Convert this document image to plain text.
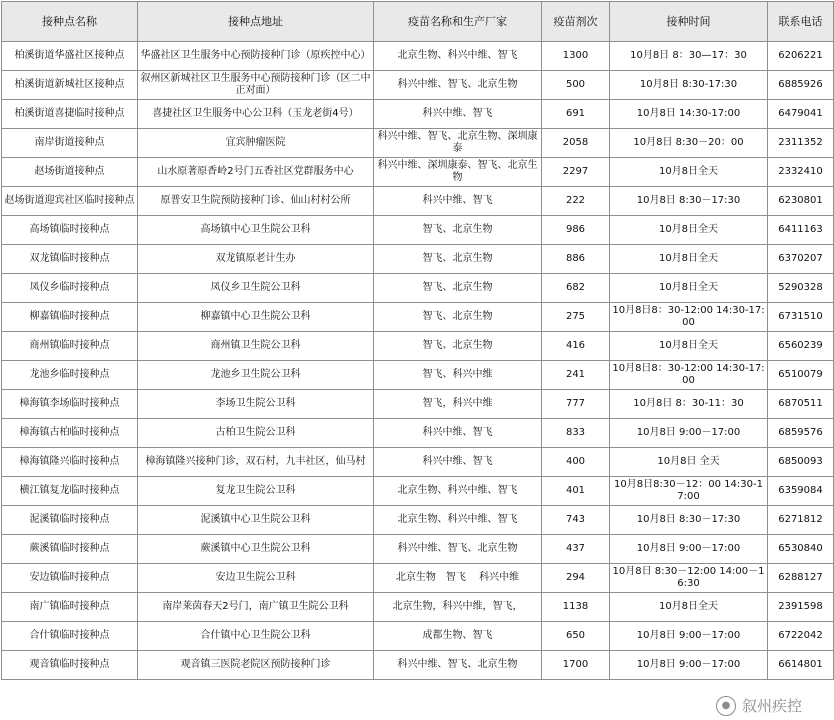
接种点名称	接种点地址	疫苗名称和生产厂家	疫苗剂次	接种时间	联系电话
柏溪街道华盛社区接种点	华盛社区卫生服务中心预防接种门诊（原疾控中心）	北京生物、科兴中维、智飞	1300	10月8日 8：30—17：30	6206221
柏溪街道新城社区接种点	叙州区新城社区卫生服务中心预防接种门诊（区二中正对面）	科兴中维、智飞、北京生物	500	10月8日 8:30-17:30	6885926
柏溪街道喜捷临时接种点	喜捷社区卫生服务中心公卫科（玉龙老街4号）	科兴中维、智飞	691	10月8日 14:30-17:00	6479041
南岸街道接种点	宜宾肿瘤医院	科兴中维、智飞、北京生物、深圳康泰	2058	10月8日 8:30－20：00	2311352
赵场街道接种点	山水原著原香岭2号门五香社区党群服务中心	科兴中维、深圳康泰、智飞、北京生物	2297	10月8日全天	2332410
赵场街道迎宾社区临时接种点	原普安卫生院预防接种门诊、仙山村村公所	科兴中维、智飞	222	10月8日 8:30－17:30	6230801
高场镇临时接种点	高场镇中心卫生院公卫科	智飞、北京生物	986	10月8日全天	6411163
双龙镇临时接种点	双龙镇原老计生办	智飞、北京生物	886	10月8日全天	6370207
凤仪乡临时接种点	凤仪乡卫生院公卫科	智飞、北京生物	682	10月8日全天	5290328
柳嘉镇临时接种点	柳嘉镇中心卫生院公卫科	智飞、北京生物	275	10月8日8：30-12:00 14:30-17:00	6731510
商州镇临时接种点	商州镇卫生院公卫科	智飞、北京生物	416	10月8日全天	6560239
龙池乡临时接种点	龙池乡卫生院公卫科	智飞、科兴中维	241	10月8日8：30-12:00 14:30-17:00	6510079
樟海镇李场临时接种点	李场卫生院公卫科	智飞，科兴中维	777	10月8日 8：30-11：30	6870511
樟海镇古柏临时接种点	古柏卫生院公卫科	科兴中维、智飞	833	10月8日 9:00－17:00	6859576
樟海镇隆兴临时接种点	樟海镇隆兴接种门诊，双石村，九丰社区，仙马村	科兴中维、智飞	400	10月8日 全天	6850093
横江镇复龙临时接种点	复龙卫生院公卫科	北京生物、科兴中维、智飞	401	10月8日8:30－12：00 14:30-17:00	6359084
泥溪镇临时接种点	泥溪镇中心卫生院公卫科	北京生物、科兴中维、智飞	743	10月8日 8:30－17:30	6271812
蕨溪镇临时接种点	蕨溪镇中心卫生院公卫科	科兴中维、智飞、北京生物	437	10月8日 9:00－17:00	6530840
安边镇临时接种点	安边卫生院公卫科	北京生物　智飞　 科兴中维	294	10月8日 8:30－12:00 14:00－16:30	6288127
南广镇临时接种点	南岸莱茵春天2号门，南广镇卫生院公卫科	北京生物，科兴中维，智飞，	1138	10月8日全天	2391598
合什镇临时接种点	合什镇中心卫生院公卫科	成都生物、智飞	650	10月8日 9:00－17:00	6722042
观音镇临时接种点	观音镇三医院老院区预防接种门诊	科兴中维、智飞、北京生物	1700	10月8日 9:00－17:00	6614801
● 叙州疾控
